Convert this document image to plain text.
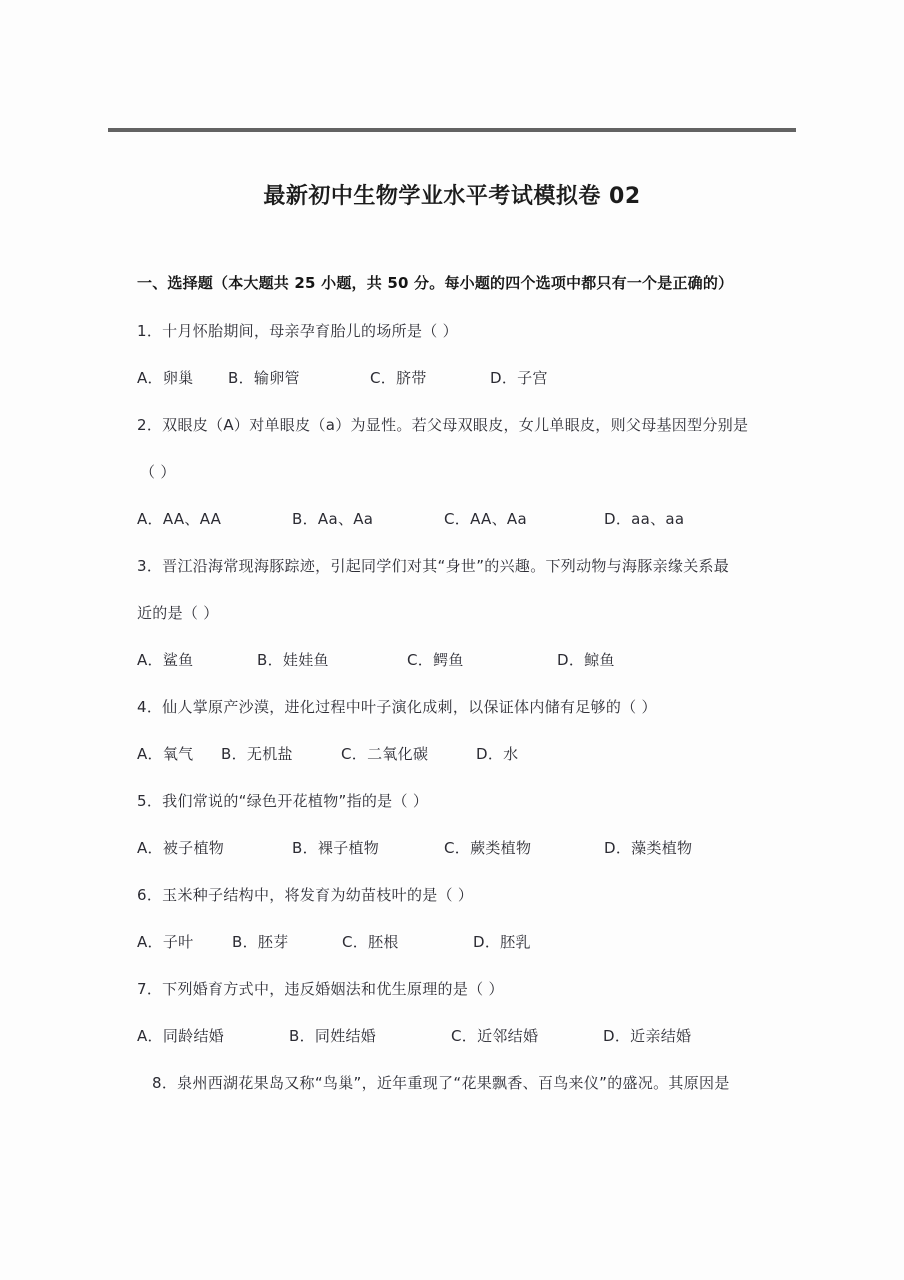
最新初中生物学业水平考试模拟卷 02
一、选择题（本大题共 25 小题，共 50 分。每小题的四个选项中都只有一个是正确的）
1．十月怀胎期间，母亲孕育胎儿的场所是（ ）
A．卵巢 B．输卵管	C．脐带	D．子宫
2．双眼皮（A）对单眼皮（a）为显性。若父母双眼皮，女儿单眼皮，则父母基因型分别是
（ ）
A．AA、AA	B．Aa、Aa	C．AA、Aa	D．aa、aa
3．晋江沿海常现海豚踪迹，引起同学们对其“身世”的兴趣。下列动物与海豚亲缘关系最
近的是（ ）
A．鲨鱼	B．娃娃鱼	C．鳄鱼	D．鲸鱼
4．仙人掌原产沙漠，进化过程中叶子演化成刺，以保证体内储有足够的（ ）
A．氧气 B．无机盐	C．二氧化碳	D．水
5．我们常说的“绿色开花植物”指的是（ ）
A．被子植物	B．裸子植物	C．蕨类植物	D．藻类植物
6．玉米种子结构中，将发育为幼苗枝叶的是（ ）
A．子叶	B．胚芽	C．胚根	D．胚乳
7．下列婚育方式中，违反婚姻法和优生原理的是（ ）
A．同龄结婚	B．同姓结婚	C．近邻结婚	D．近亲结婚
8．泉州西湖花果岛又称“鸟巢”，近年重现了“花果飘香、百鸟来仪”的盛况。其原因是
